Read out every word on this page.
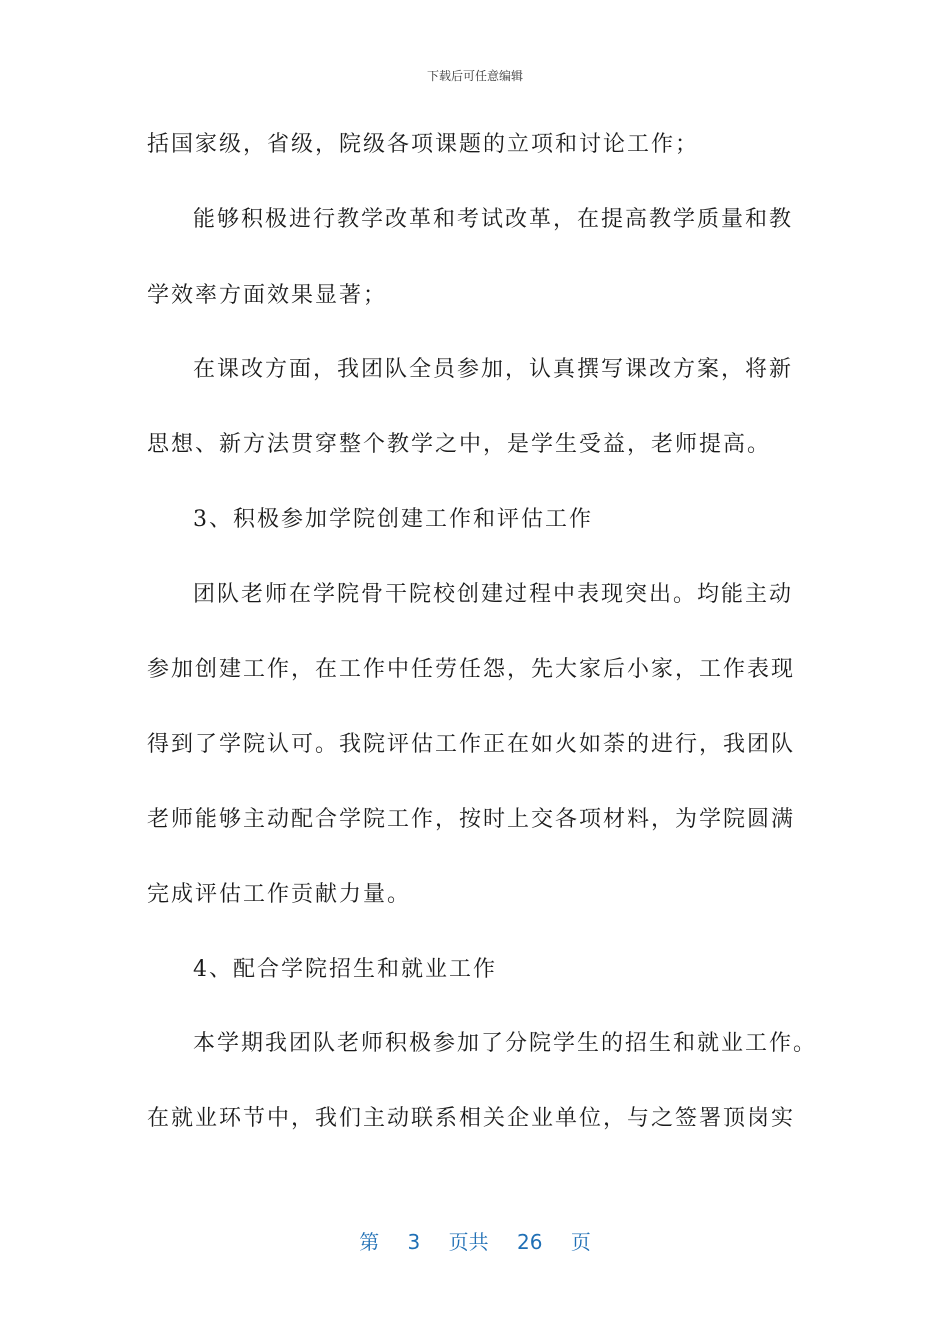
下载后可任意编辑
括国家级，省级，院级各项课题的立项和讨论工作；
能够积极进行教学改革和考试改革，在提高教学质量和教
学效率方面效果显著；
在课改方面，我团队全员参加，认真撰写课改方案，将新
思想、新方法贯穿整个教学之中，是学生受益，老师提高。
3、积极参加学院创建工作和评估工作
团队老师在学院骨干院校创建过程中表现突出。均能主动
参加创建工作，在工作中任劳任怨，先大家后小家，工作表现
得到了学院认可。我院评估工作正在如火如荼的进行，我团队
老师能够主动配合学院工作，按时上交各项材料，为学院圆满
完成评估工作贡献力量。
4、配合学院招生和就业工作
本学期我团队老师积极参加了分院学生的招生和就业工作。
在就业环节中，我们主动联系相关企业单位，与之签署顶岗实
第 3 页共 26 页
